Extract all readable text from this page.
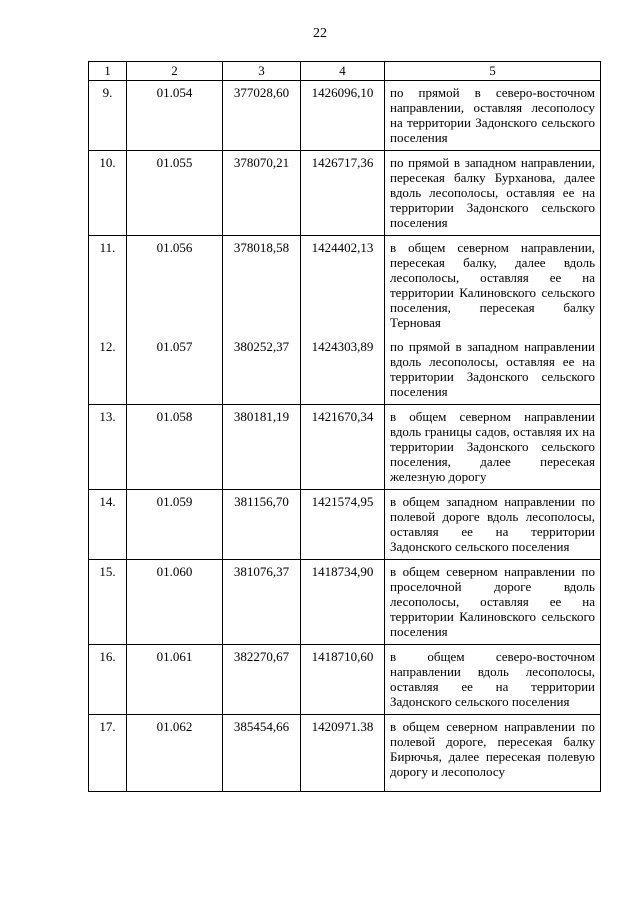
22
1	2	3	4	5
9.	01.054	377028,60	1426096,10	по прямой в северо-восточном направлении, оставляя лесополосу на территории Задонского сельского поселения
10.	01.055	378070,21	1426717,36	по прямой в западном направлении, пересекая балку Бурханова, далее вдоль лесополосы, оставляя ее на территории Задонского сельского поселения
11.	01.056	378018,58	1424402,13	в общем северном направлении, пересекая балку, далее вдоль лесополосы, оставляя ее на территории Калиновского сельского поселения, пересекая балку Терновая
12.	01.057	380252,37	1424303,89	по прямой в западном направлении вдоль лесополосы, оставляя ее на территории Задонского сельского поселения
13.	01.058	380181,19	1421670,34	в общем северном направлении вдоль границы садов, оставляя их на территории Задонского сельского поселения, далее пересекая железную дорогу
14.	01.059	381156,70	1421574,95	в общем западном направлении по полевой дороге вдоль лесополосы, оставляя ее на территории Задонского сельского поселения
15.	01.060	381076,37	1418734,90	в общем северном направлении по проселочной дороге вдоль лесополосы, оставляя ее на территории Калиновского сельского поселения
16.	01.061	382270,67	1418710,60	в общем северо-восточном направлении вдоль лесополосы, оставляя ее на территории Задонского сельского поселения
17.	01.062	385454,66	1420971.38	в общем северном направлении по полевой дороге, пересекая балку Бирючья, далее пересекая полевую дорогу и лесополосу
